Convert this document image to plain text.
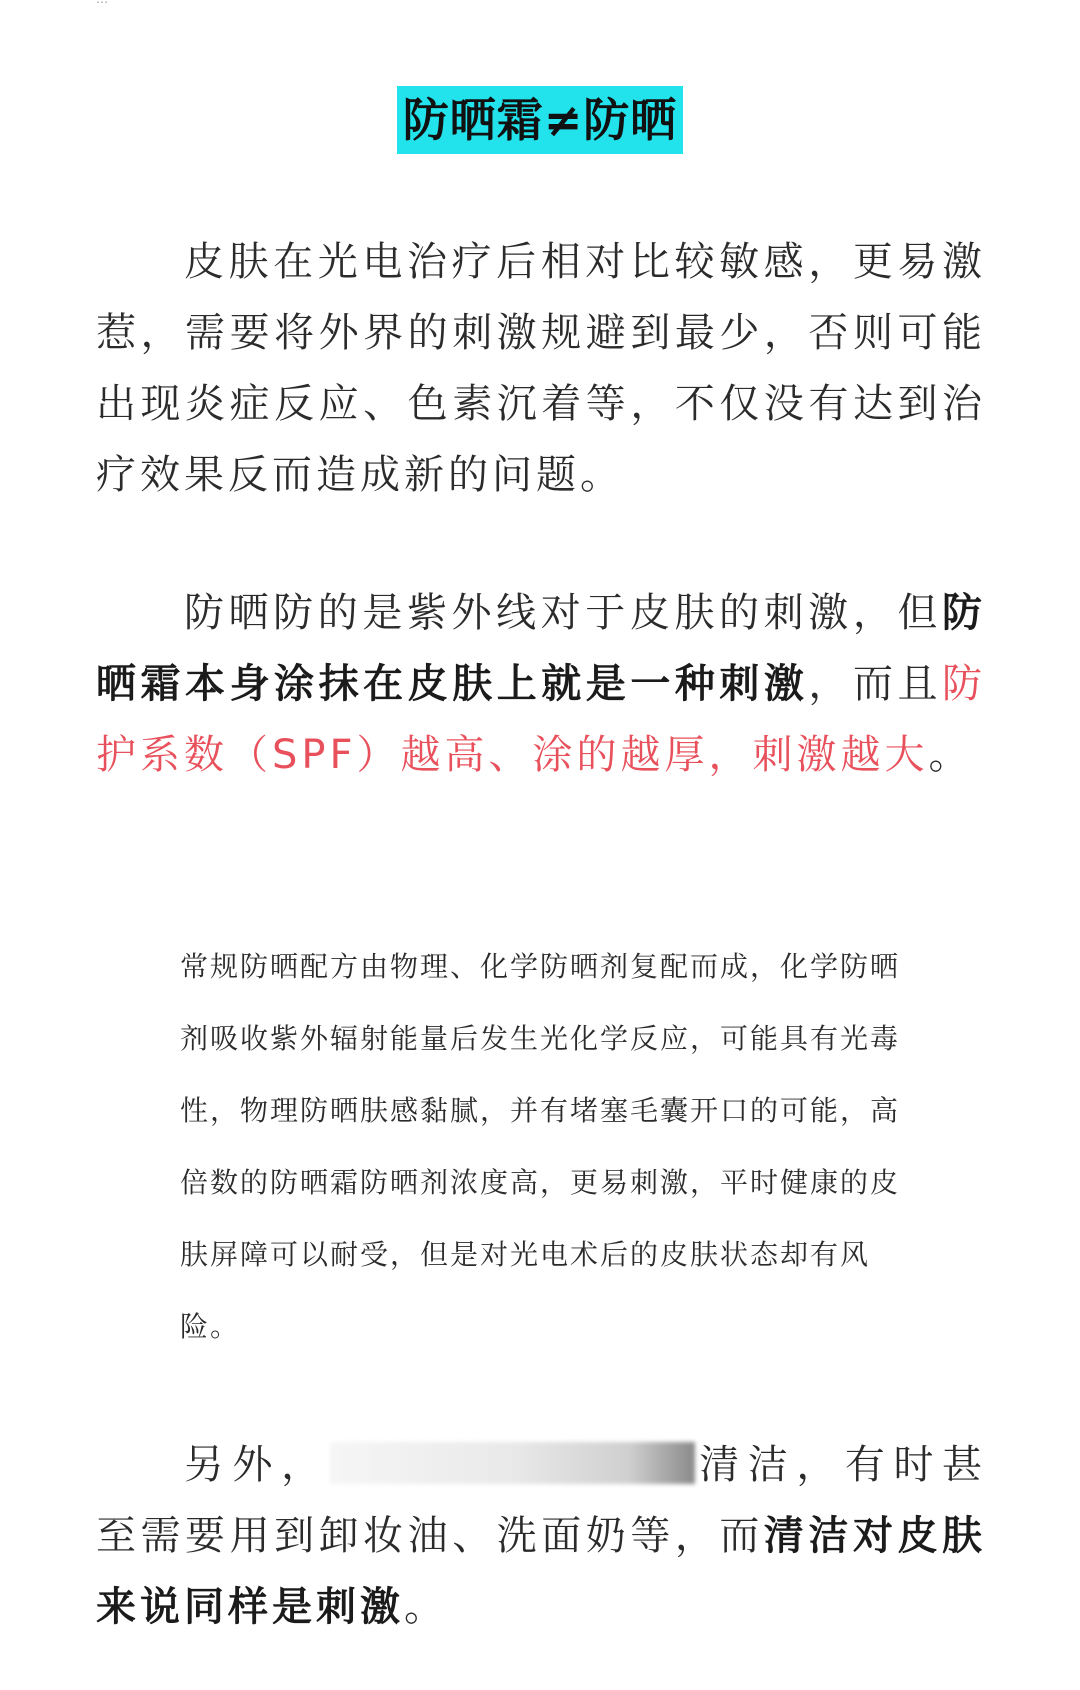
防晒霜≠防晒

皮肤在光电治疗后相对比较敏感，更易激惹，需要将外界的刺激规避到最少，否则可能出现炎症反应、色素沉着等，不仅没有达到治疗效果反而造成新的问题。

防晒防的是紫外线对于皮肤的刺激，但防晒霜本身涂抹在皮肤上就是一种刺激，而且防护系数（SPF）越高、涂的越厚，刺激越大。

常规防晒配方由物理、化学防晒剂复配而成，化学防晒剂吸收紫外辐射能量后发生光化学反应，可能具有光毒性，物理防晒肤感黏腻，并有堵塞毛囊开口的可能，高倍数的防晒霜防晒剂浓度高，更易刺激，平时健康的皮肤屏障可以耐受，但是对光电术后的皮肤状态却有风险。

另外，	清洁，有时甚至需要用到卸妆油、洗面奶等，而清洁对皮肤来说同样是刺激。
